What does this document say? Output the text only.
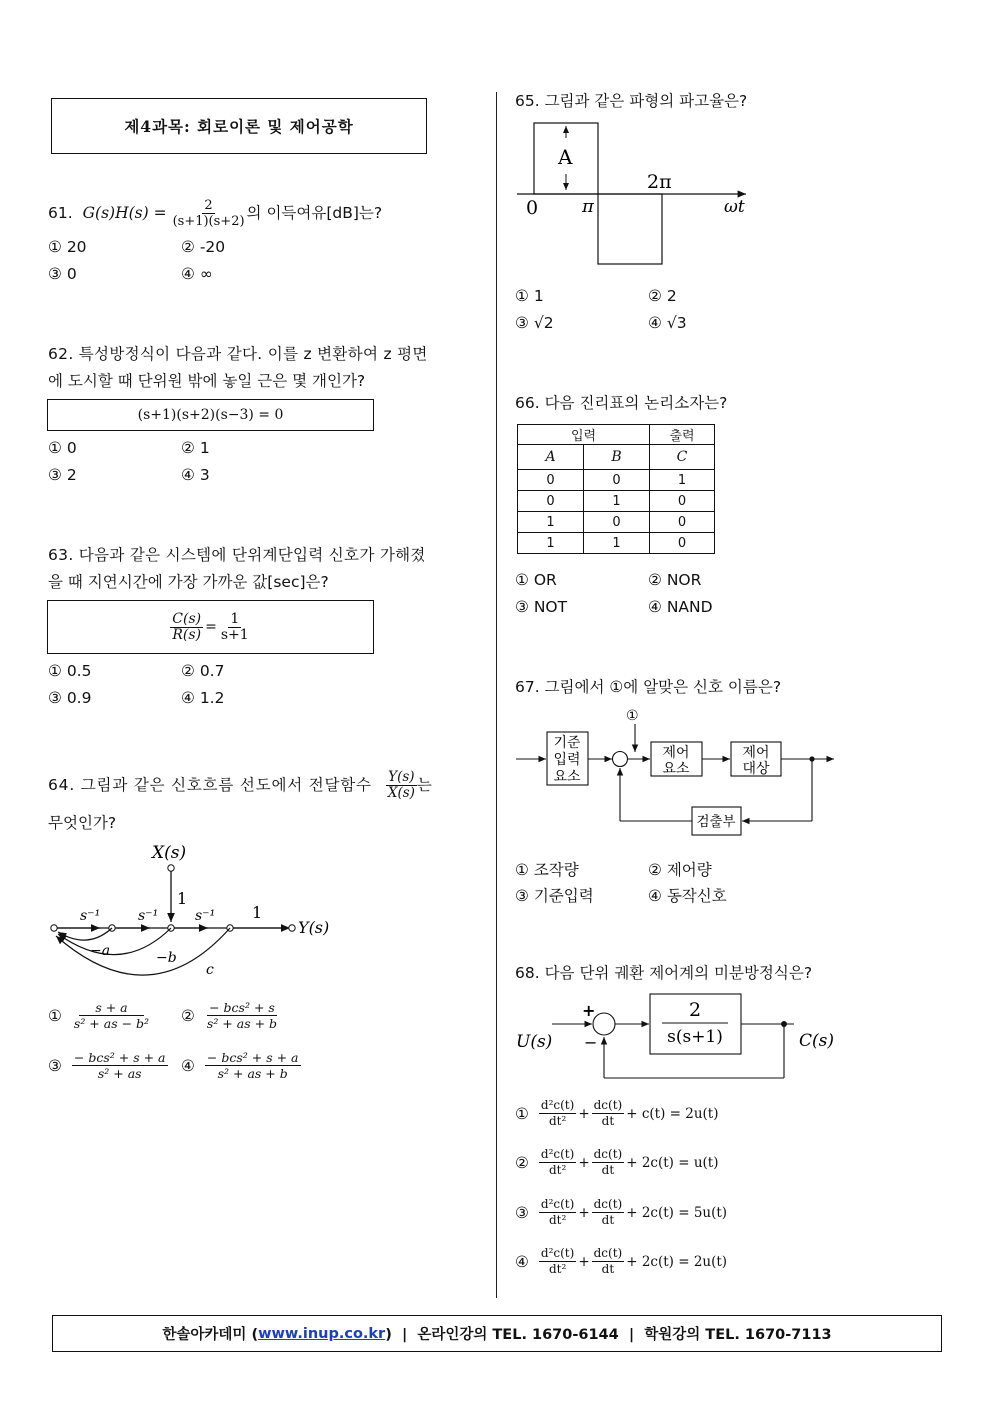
제4과목: 회로이론 및 제어공학
61. $G(s)H(s) = \frac{2}{(s+1)(s+2)}$ 의 이득여유[dB]는?
① 20	② -20
③ 0	④ ∞
62. 특성방정식이 다음과 같다. 이를 z 변환하여 z 평면
에 도시할 때 단위원 밖에 놓일 근은 몇 개인가?
(s+1)(s+2)(s−3) = 0
① 0	② 1
③ 2	④ 3
63. 다음과 같은 시스템에 단위계단입력 신호가 가해졌
을 때 지연시간에 가장 가까운 값[sec]은?
$\frac{C(s)}{R(s)} = \frac{1}{s+1}$
① 0.5	② 0.7
③ 0.9	④ 1.2
64. 그림과 같은 신호흐름 선도에서 전달함수 $\frac{Y(s)}{X(s)}$ 는
무엇인가?
X(s)
1
Y(s)
s⁻¹	s⁻¹	s⁻¹ 1
−a	−b
c
① $\frac{s + a}{\text{s² + as − b²}}$ ② $\frac{\text{− bcs² + s}}{\text{s² + as + b}}$
③ $\frac{\text{− bcs² + s + a}}{\text{s² + as}}$ ④ $\frac{\text{− bcs² + s + a}}{\text{s² + as + b}}$
65. 그림과 같은 파형의 파고율은?
A
0 π
2π
ωt
① 1	② 2
③ √2	④ √3
66. 다음 진리표의 논리소자는?
입력		출력
A	B	C
0	0	1
0	1	0
1	0	0
1	1	0
① OR	② NOR
③ NOT	④ NAND
67. 그림에서 ①에 알맞은 신호 이름은?
①
기준
입력
요소
제어
요소
제어
대상
검출부
① 조작량	② 제어량
③ 기준입력	④ 동작신호
68. 다음 단위 궤환 제어계의 미분방정식은?
U(s)
+
−
2
s(s+1)	C(s)
① $\frac{\text{d²c(t)}}{\text{dt²}} + \frac{dc(t)}{dt} + c(t) = 2u(t)$
② $\frac{\text{d²c(t)}}{\text{dt²}} + \frac{dc(t)}{dt} + 2c(t) = u(t)$
③ $\frac{\text{d²c(t)}}{\text{dt²}} + \frac{dc(t)}{dt} + 2c(t) = 5u(t)$
④ $\frac{\text{d²c(t)}}{\text{dt²}} + \frac{dc(t)}{dt} + 2c(t) = 2u(t)$
한솔아카데미 ( www.inup.co.kr )  |  온라인강의 TEL. 1670-6144  |  학원강의 TEL. 1670-7113
